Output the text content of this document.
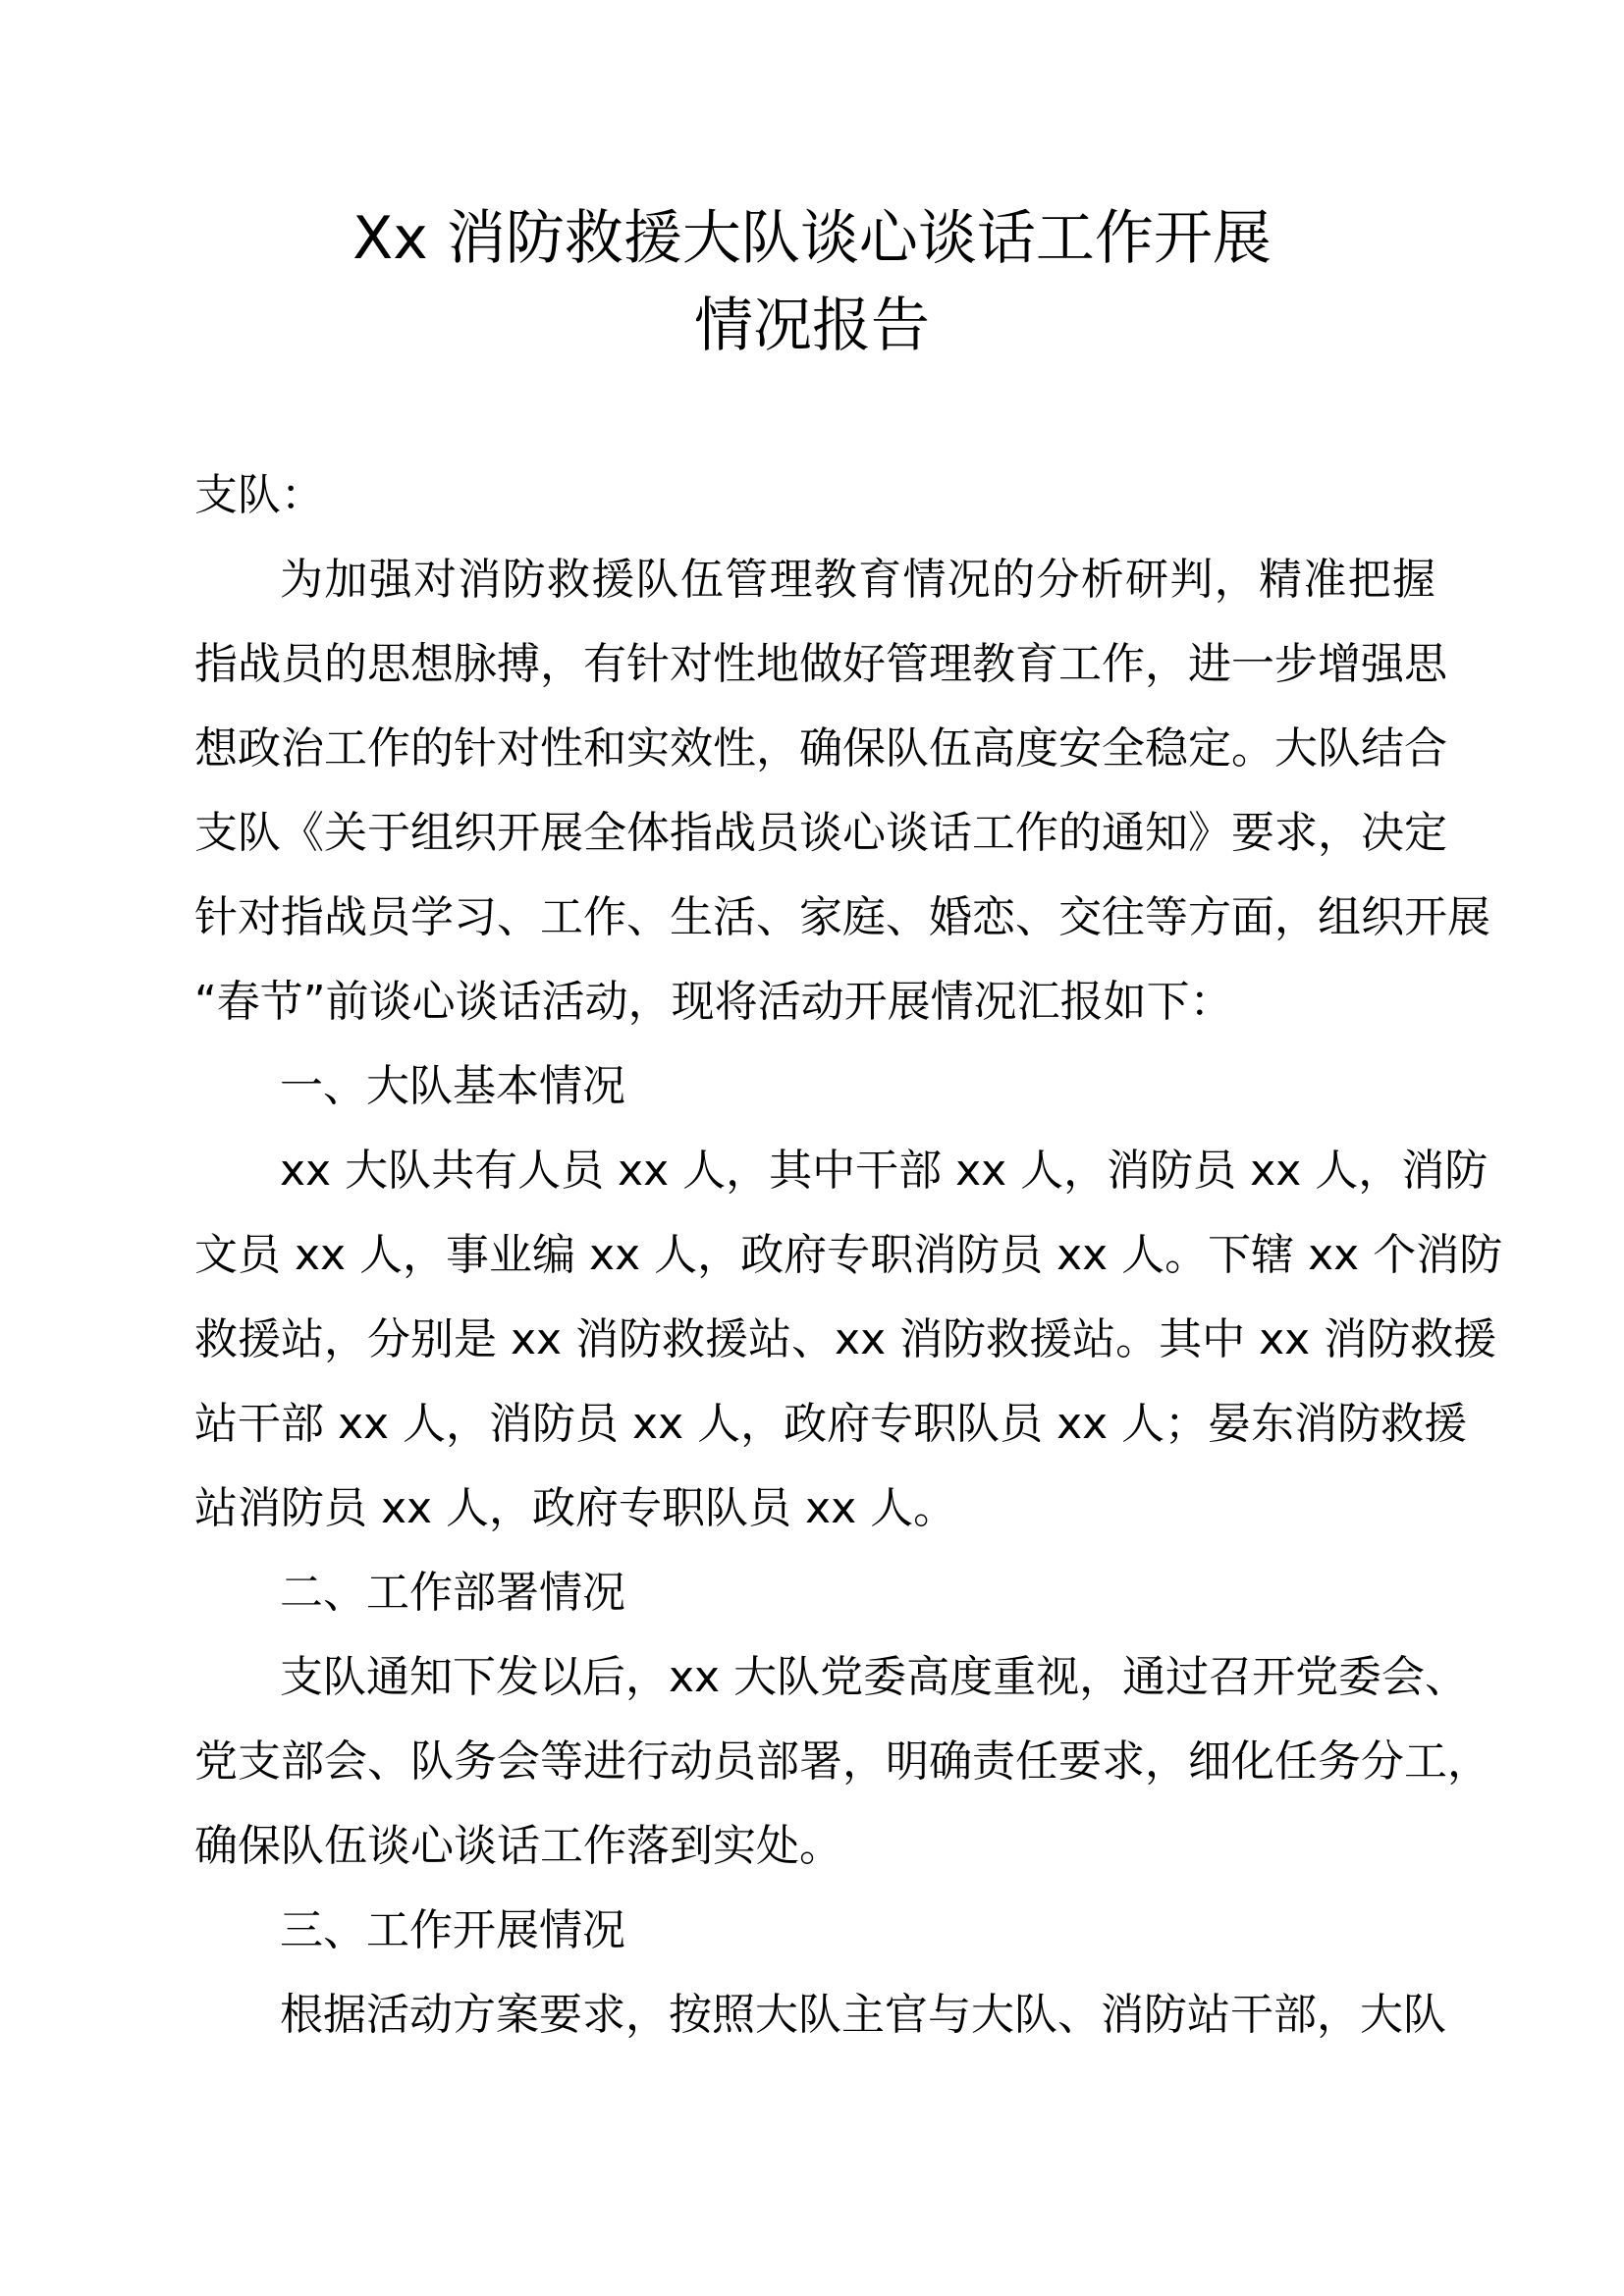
Xx 消防救援大队谈心谈话工作开展
情况报告
支队：
为加强对消防救援队伍管理教育情况的分析研判，精准把握
指战员的思想脉搏，有针对性地做好管理教育工作，进一步增强思
想政治工作的针对性和实效性，确保队伍高度安全稳定。大队结合
支队《关于组织开展全体指战员谈心谈话工作的通知》要求，决定
针对指战员学习、工作、生活、家庭、婚恋、交往等方面，组织开展
“春节”前谈心谈话活动，现将活动开展情况汇报如下：
一、大队基本情况
xx 大队共有人员 xx 人，其中干部 xx 人，消防员 xx 人，消防
文员 xx 人，事业编 xx 人，政府专职消防员 xx 人。下辖 xx 个消防
救援站，分别是 xx 消防救援站、xx 消防救援站。其中 xx 消防救援
站干部 xx 人，消防员 xx 人，政府专职队员 xx 人；晏东消防救援
站消防员 xx 人，政府专职队员 xx 人。
二、工作部署情况
支队通知下发以后，xx 大队党委高度重视，通过召开党委会、
党支部会、队务会等进行动员部署，明确责任要求，细化任务分工，
确保队伍谈心谈话工作落到实处。
三、工作开展情况
根据活动方案要求，按照大队主官与大队、消防站干部，大队
